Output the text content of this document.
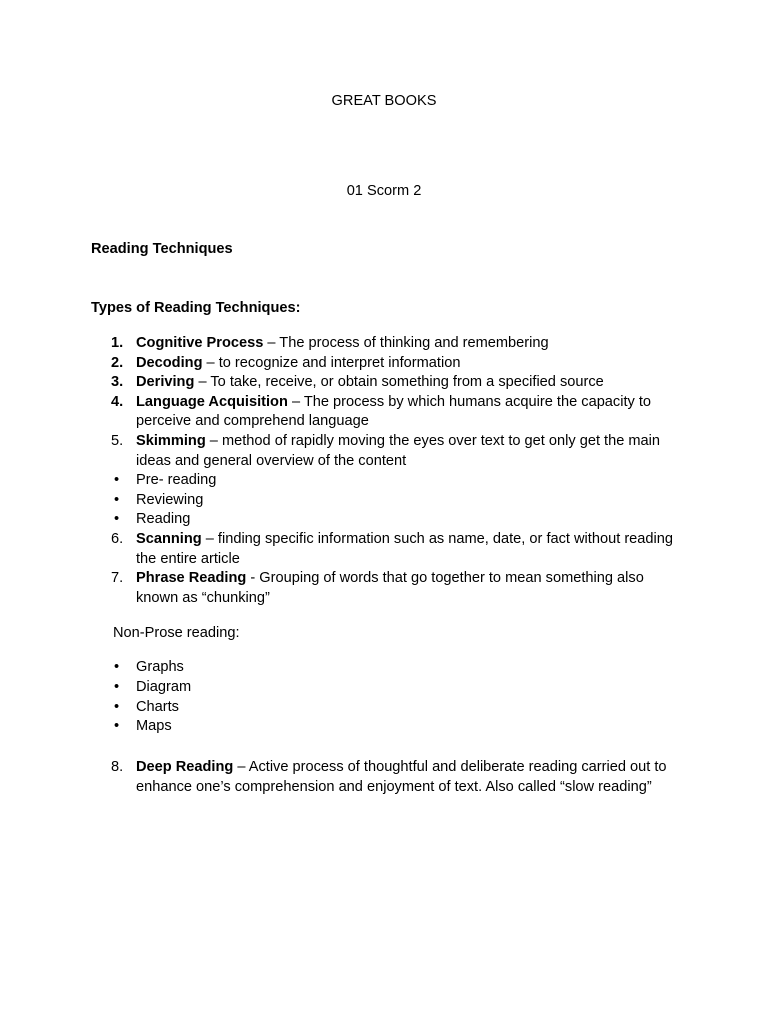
GREAT BOOKS
01 Scorm 2
Reading Techniques
Types of Reading Techniques:
1. Cognitive Process – The process of thinking and remembering
2. Decoding – to recognize and interpret information
3. Deriving – To take, receive, or obtain something from a specified source
4. Language Acquisition – The process by which humans acquire the capacity to perceive and comprehend language
5. Skimming – method of rapidly moving the eyes over text to get only get the main ideas and general overview of the content
• Pre- reading
• Reviewing
• Reading
6. Scanning – finding specific information such as name, date, or fact without reading the entire article
7. Phrase Reading - Grouping of words that go together to mean something also known as “chunking”
Non-Prose reading:
• Graphs
• Diagram
• Charts
• Maps
8. Deep Reading – Active process of thoughtful and deliberate reading carried out to enhance one’s comprehension and enjoyment of text. Also called “slow reading”
